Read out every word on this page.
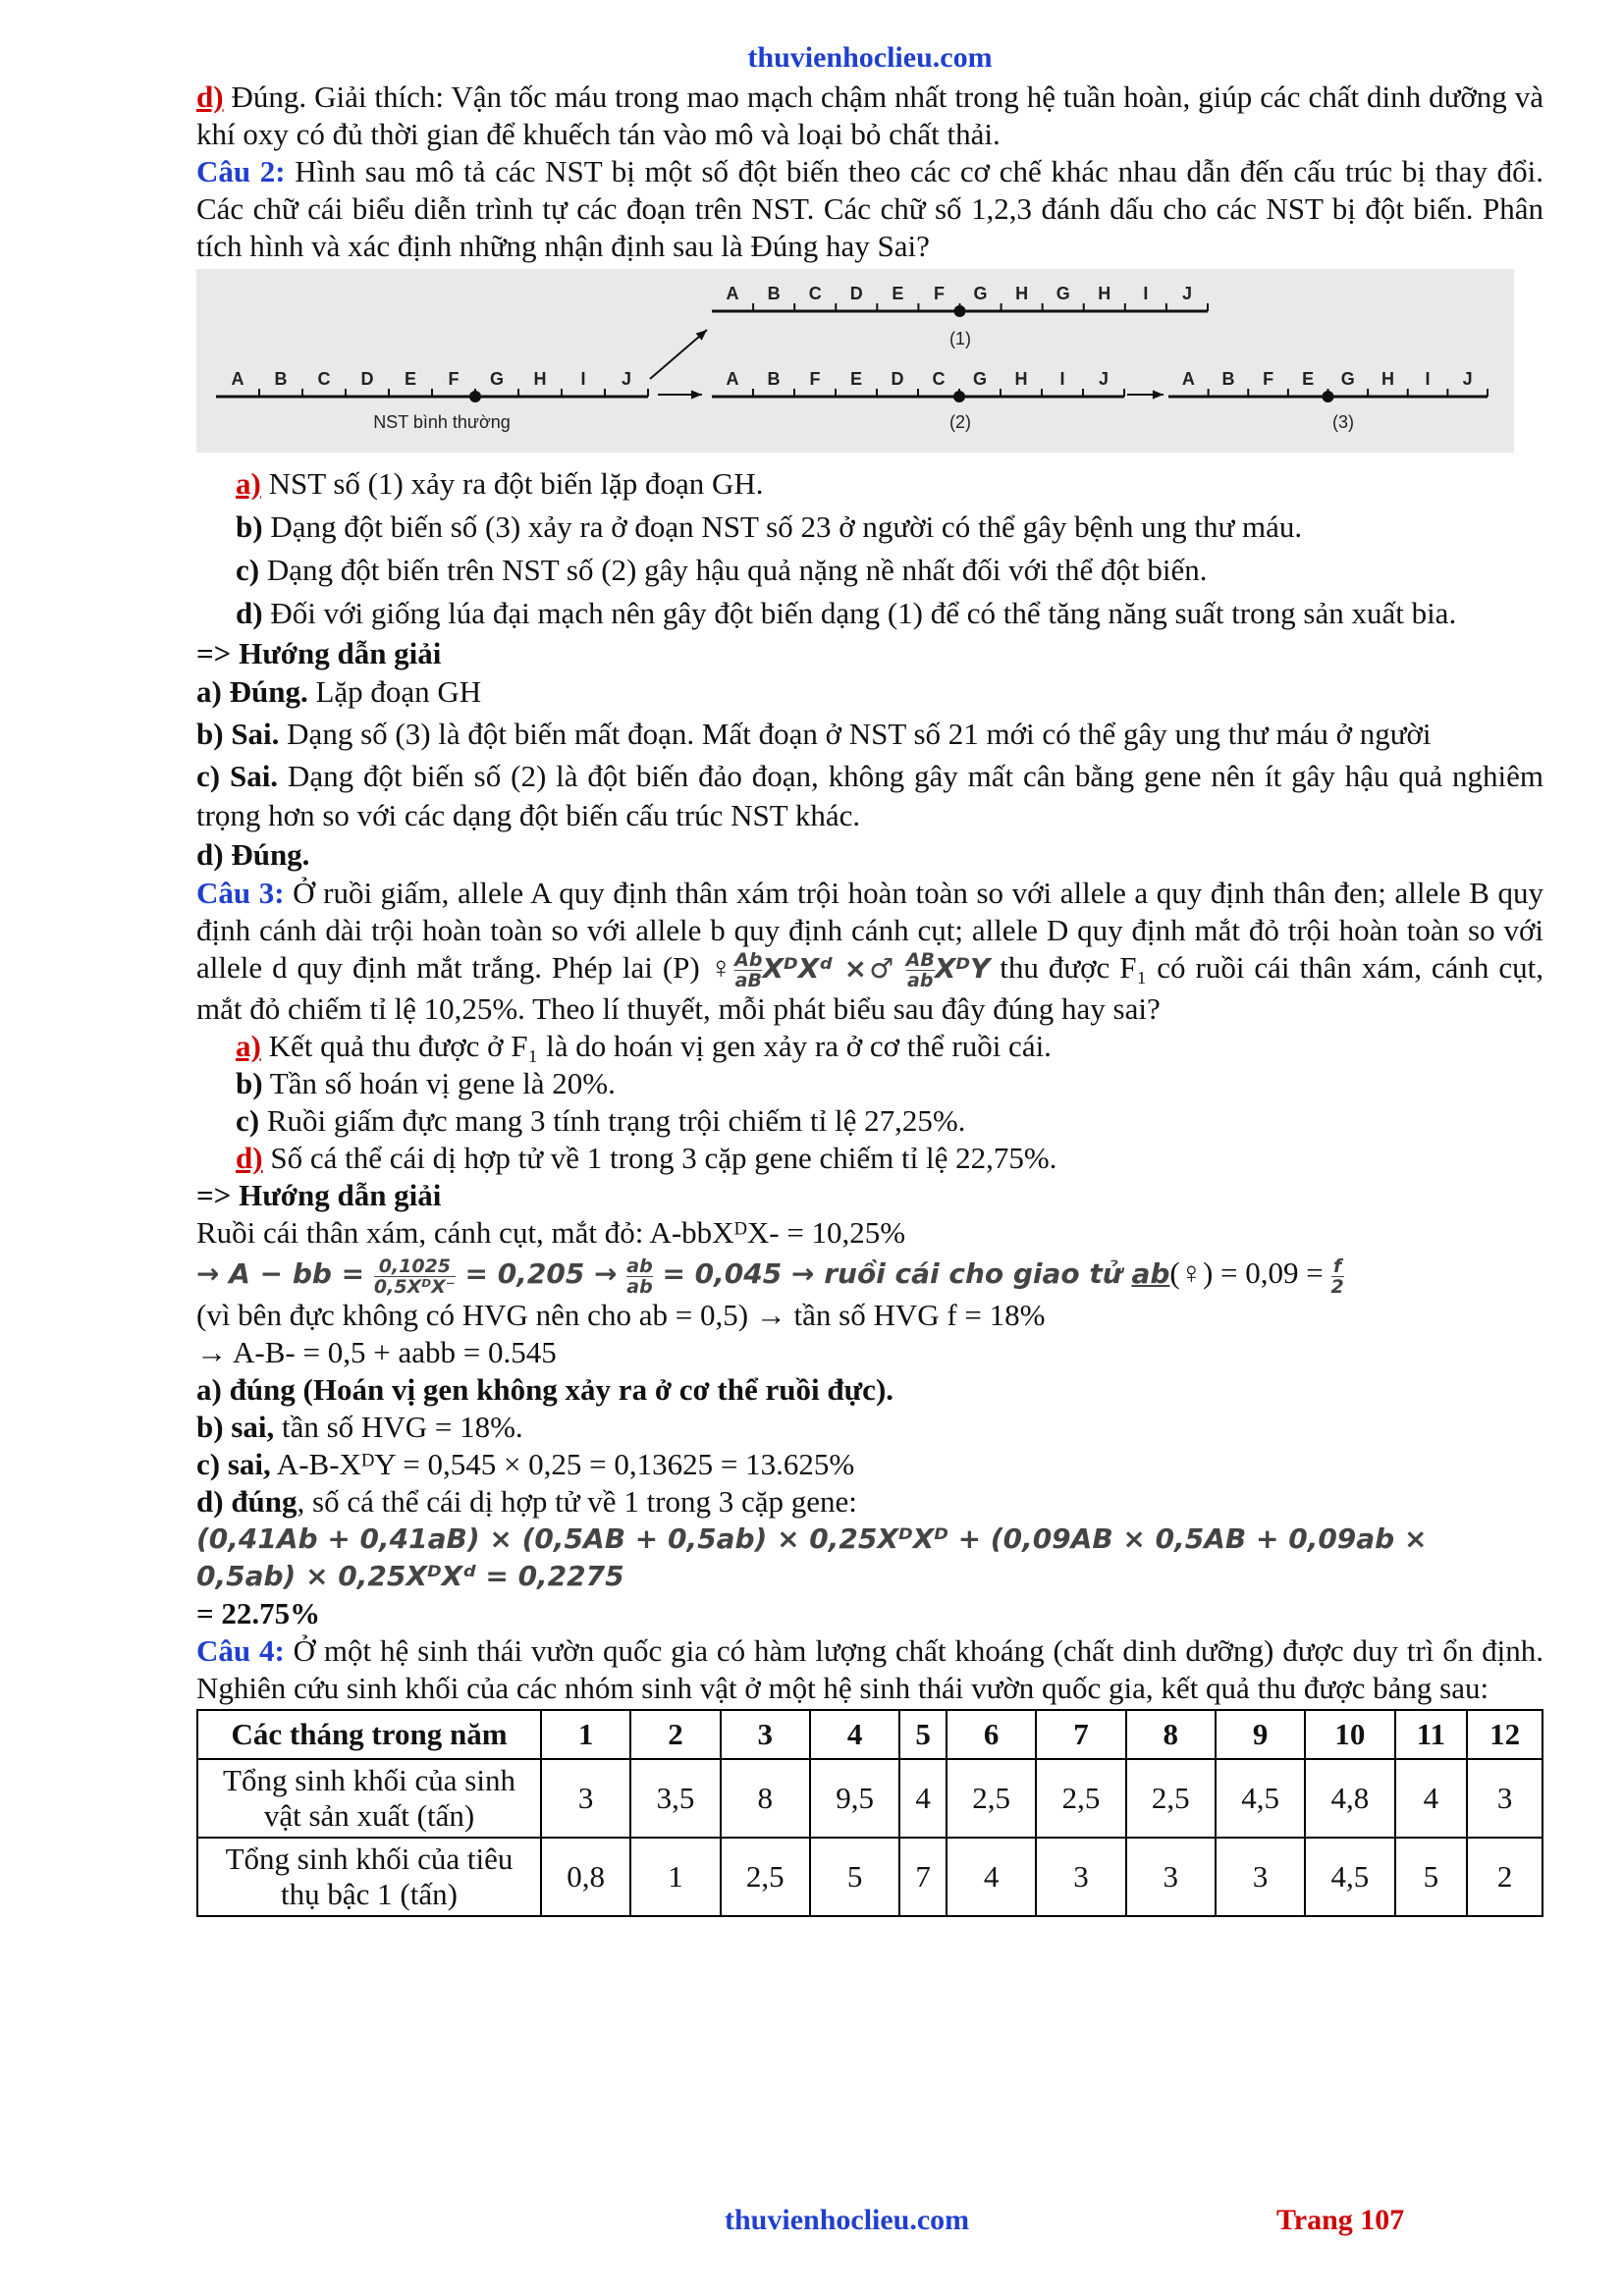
thuvienhoclieu.com

d) Đúng. Giải thích: Vận tốc máu trong mao mạch chậm nhất trong hệ tuần hoàn, giúp các chất dinh dưỡng và khí oxy có đủ thời gian để khuếch tán vào mô và loại bỏ chất thải.

Câu 2: Hình sau mô tả các NST bị một số đột biến theo các cơ chế khác nhau dẫn đến cấu trúc bị thay đổi. Các chữ cái biểu diễn trình tự các đoạn trên NST. Các chữ số 1,2,3 đánh dấu cho các NST bị đột biến. Phân tích hình và xác định những nhận định sau là Đúng hay Sai?

A B C D E F G H I J
NST bình thường
A B C D E F G H G H I J
(1)
A B F E D C G H I J
(2)
A B F E G H I J
(3)

a) NST số (1) xảy ra đột biến lặp đoạn GH.

b) Dạng đột biến số (3) xảy ra ở đoạn NST số 23 ở người có thể gây bệnh ung thư máu.

c) Dạng đột biến trên NST số (2) gây hậu quả nặng nề nhất đối với thể đột biến.

d) Đối với giống lúa đại mạch nên gây đột biến dạng (1) để có thể tăng năng suất trong sản xuất bia.

=> Hướng dẫn giải

a) Đúng. Lặp đoạn GH

b) Sai. Dạng số (3) là đột biến mất đoạn. Mất đoạn ở NST số 21 mới có thể gây ung thư máu ở người

c) Sai. Dạng đột biến số (2) là đột biến đảo đoạn, không gây mất cân bằng gene nên ít gây hậu quả nghiêm trọng hơn so với các dạng đột biến cấu trúc NST khác.

d) Đúng.

Câu 3: Ở ruồi giấm, allele A quy định thân xám trội hoàn toàn so với allele a quy định thân đen; allele B quy định cánh dài trội hoàn toàn so với allele b quy định cánh cụt; allele D quy định mắt đỏ trội hoàn toàn so với allele d quy định mắt trắng. Phép lai (P) ♀ $\frac{Ab}{aB}$ XᴰXᵈ ×♂ $\frac{AB}{ab}$ XᴰY thu được F₁ có ruồi cái thân xám, cánh cụt, mắt đỏ chiếm tỉ lệ 10,25%. Theo lí thuyết, mỗi phát biểu sau đây đúng hay sai?

a) Kết quả thu được ở F₁ là do hoán vị gen xảy ra ở cơ thể ruồi cái.

b) Tần số hoán vị gene là 20%.

c) Ruồi giấm đực mang 3 tính trạng trội chiếm tỉ lệ 27,25%.

d) Số cá thể cái dị hợp tử về 1 trong 3 cặp gene chiếm tỉ lệ 22,75%.

=> Hướng dẫn giải

Ruồi cái thân xám, cánh cụt, mắt đỏ: A-bbXᴰX- = 10,25%

→ A − bb = $\frac{0,1025}{\text{0,5XᴰX⁻}} = 0,205 \to \frac{ab}{ab} = 0,045$ → ruồi cái cho giao tử ab(♀) = $0,09 = \frac{f}{2}$

(vì bên đực không có HVG nên cho ab = 0,5) → tần số HVG f = 18%

→ A-B- = 0,5 + aabb = 0.545

a) đúng (Hoán vị gen không xảy ra ở cơ thể ruồi đực).

b) sai, tần số HVG = 18%.

c) sai, A-B-XᴰY = 0,545 × 0,25 = 0,13625 = 13.625%

d) đúng, số cá thể cái dị hợp tử về 1 trong 3 cặp gene:

(0,41Ab + 0,41aB) × (0,5AB + 0,5ab) × 0,25XᴰXᴰ + (0,09AB × 0,5AB + 0,09ab ×

0,5ab) × 0,25XᴰXᵈ = 0,2275

= 22.75%

Câu 4: Ở một hệ sinh thái vườn quốc gia có hàm lượng chất khoáng (chất dinh dưỡng) được duy trì ổn định. Nghiên cứu sinh khối của các nhóm sinh vật ở một hệ sinh thái vườn quốc gia, kết quả thu được bảng sau:

Các tháng trong năm	1	2	3	4	5	6	7	8	9	10	11	12
Tổng sinh khối của sinh vật sản xuất (tấn)	3	3,5	8	9,5	4	2,5	2,5	2,5	4,5	4,8	4	3
Tổng sinh khối của tiêu thụ bậc 1 (tấn)	0,8	1	2,5	5	7	4	3	3	3	4,5	5	2
thuvienhoclieu.com	Trang 107
